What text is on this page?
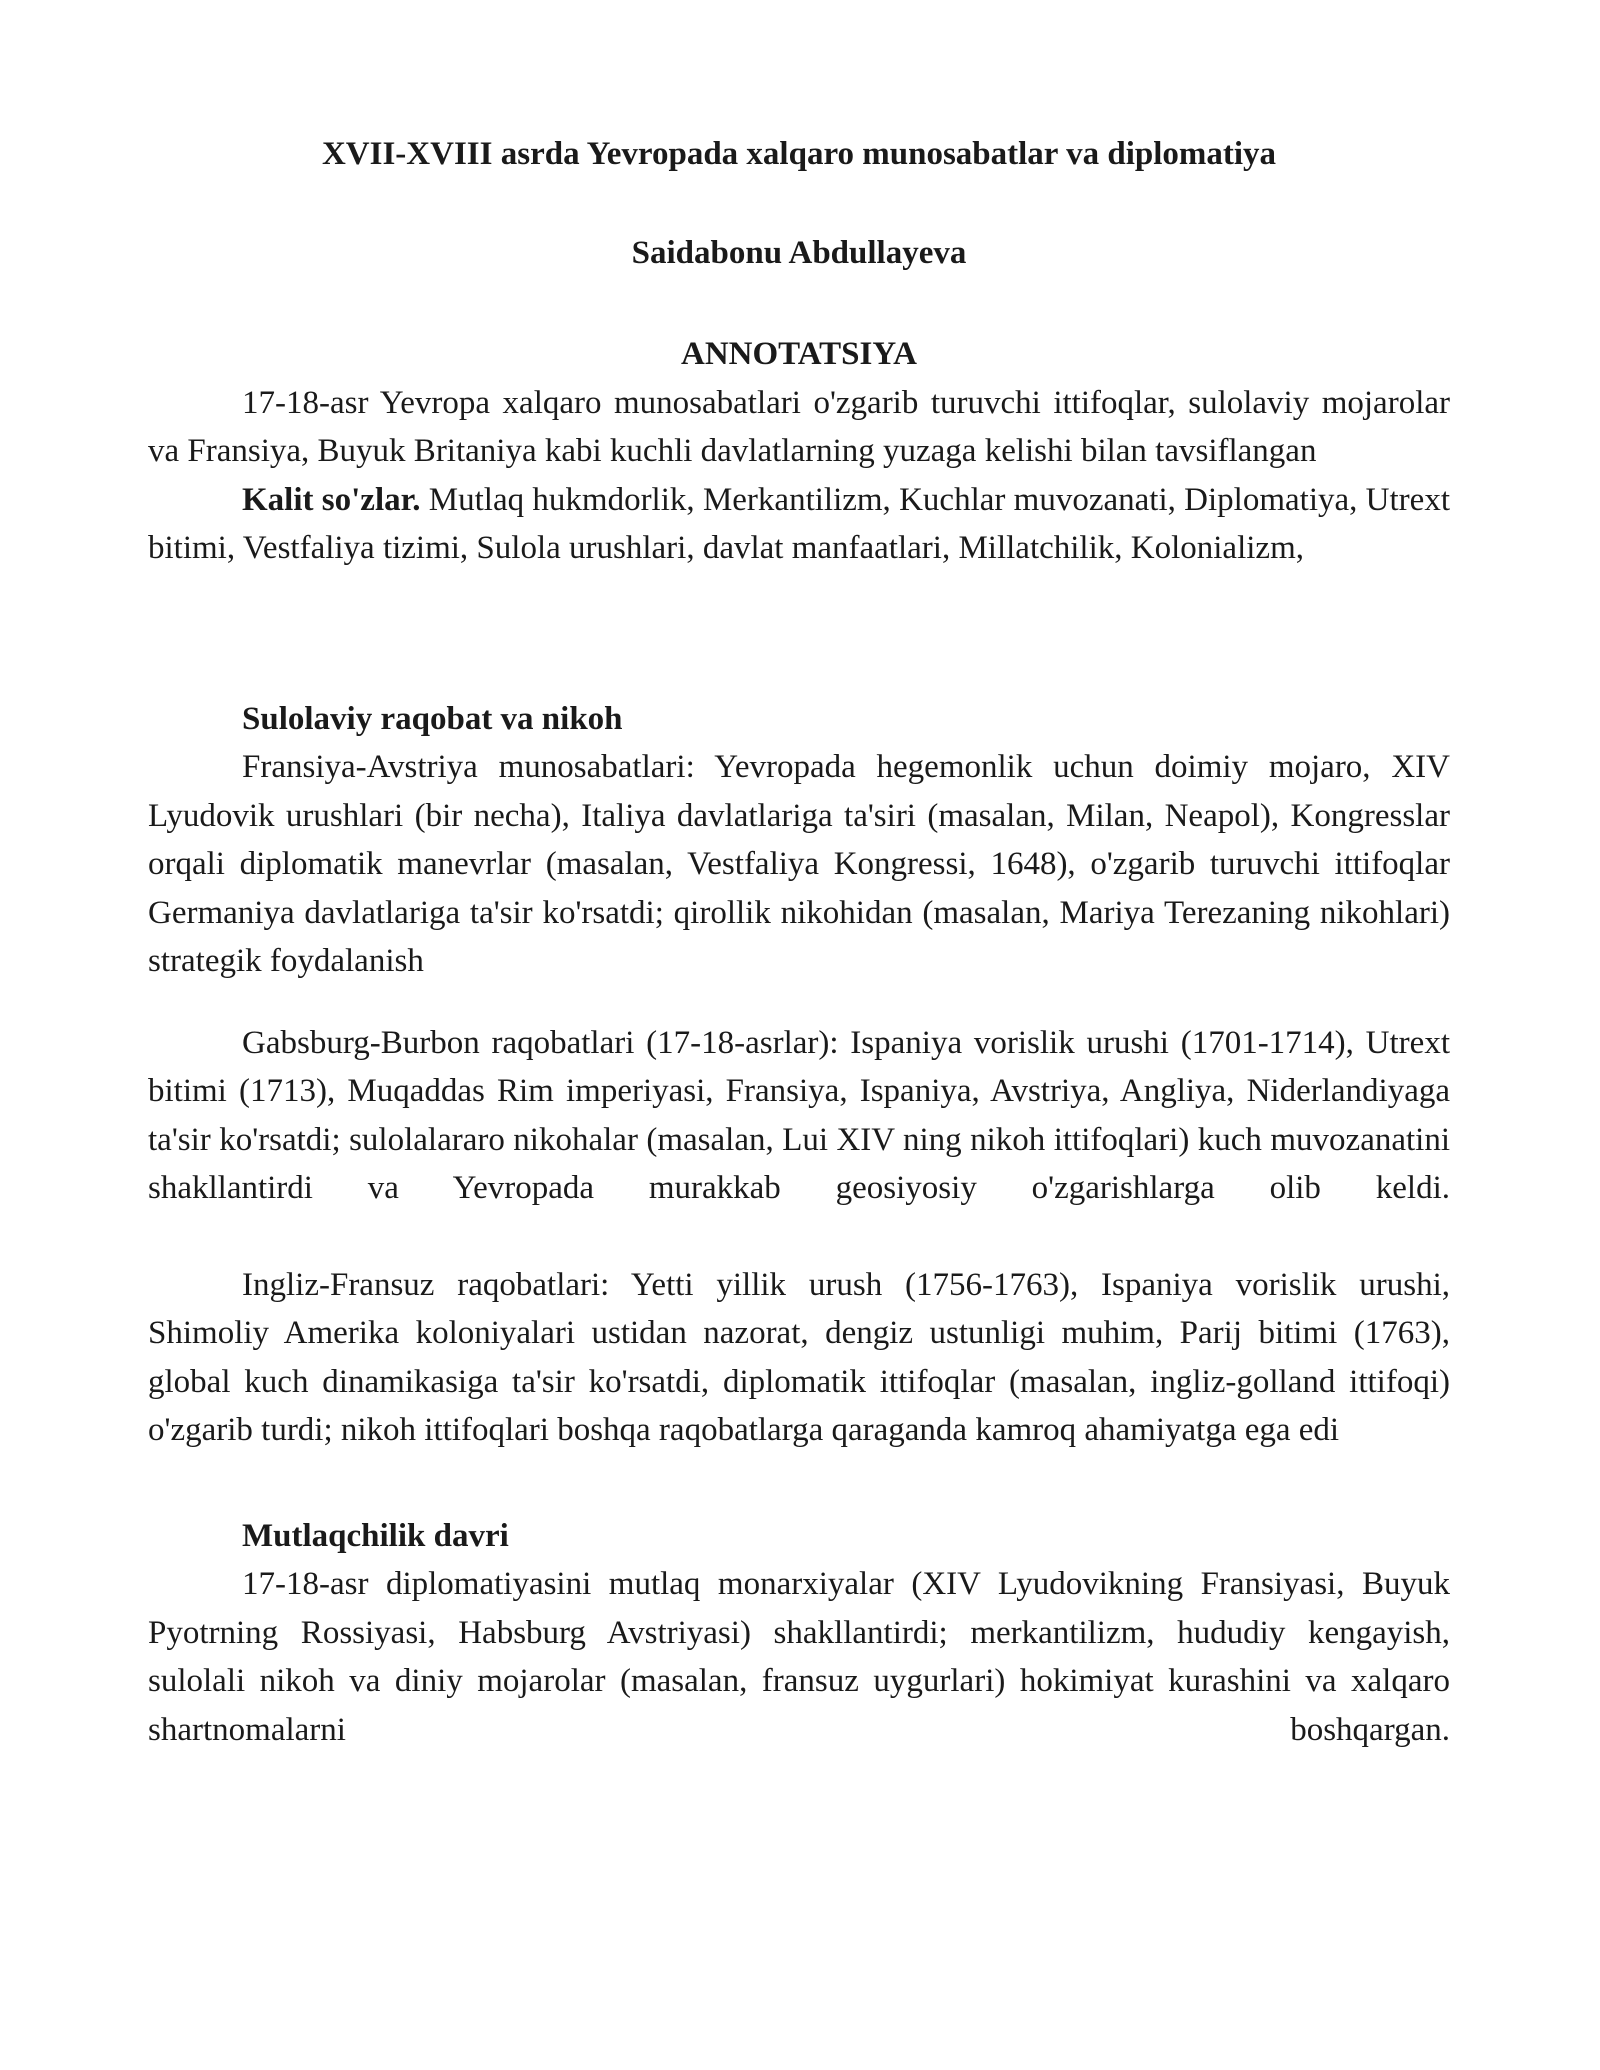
XVII-XVIII asrda Yevropada xalqaro munosabatlar va diplomatiya
Saidabonu Abdullayeva
ANNOTATSIYA

17-18-asr Yevropa xalqaro munosabatlari o'zgarib turuvchi ittifoqlar, sulolaviy mojarolar va Fransiya, Buyuk Britaniya kabi kuchli davlatlarning yuzaga kelishi bilan tavsiflangan

Kalit so'zlar. Mutlaq hukmdorlik, Merkantilizm, Kuchlar muvozanati, Diplomatiya, Utrext bitimi, Vestfaliya tizimi, Sulola urushlari, davlat manfaatlari, Millatchilik, Kolonializm,

Sulolaviy raqobat va nikoh

Fransiya-Avstriya munosabatlari: Yevropada hegemonlik uchun doimiy mojaro, XIV Lyudovik urushlari (bir necha), Italiya davlatlariga ta'siri (masalan, Milan, Neapol), Kongresslar orqali diplomatik manevrlar (masalan, Vestfaliya Kongressi, 1648), o'zgarib turuvchi ittifoqlar Germaniya davlatlariga ta'sir ko'rsatdi; qirollik nikohidan (masalan, Mariya Terezaning nikohlari) strategik foydalanish

Gabsburg-Burbon raqobatlari (17-18-asrlar): Ispaniya vorislik urushi (1701-1714), Utrext bitimi (1713), Muqaddas Rim imperiyasi, Fransiya, Ispaniya, Avstriya, Angliya, Niderlandiyaga ta'sir ko'rsatdi; sulolalararo nikohalar (masalan, Lui XIV ning nikoh ittifoqlari) kuch muvozanatini shakllantirdi va Yevropada murakkab geosiyosiy o'zgarishlarga olib keldi.

Ingliz-Fransuz raqobatlari: Yetti yillik urush (1756-1763), Ispaniya vorislik urushi, Shimoliy Amerika koloniyalari ustidan nazorat, dengiz ustunligi muhim, Parij bitimi (1763), global kuch dinamikasiga ta'sir ko'rsatdi, diplomatik ittifoqlar (masalan, ingliz-golland ittifoqi) o'zgarib turdi; nikoh ittifoqlari boshqa raqobatlarga qaraganda kamroq ahamiyatga ega edi

Mutlaqchilik davri

17-18-asr diplomatiyasini mutlaq monarxiyalar (XIV Lyudovikning Fransiyasi, Buyuk Pyotrning Rossiyasi, Habsburg Avstriyasi) shakllantirdi; merkantilizm, hududiy kengayish, sulolali nikoh va diniy mojarolar (masalan, fransuz uygurlari) hokimiyat kurashini va xalqaro shartnomalarni boshqargan.
